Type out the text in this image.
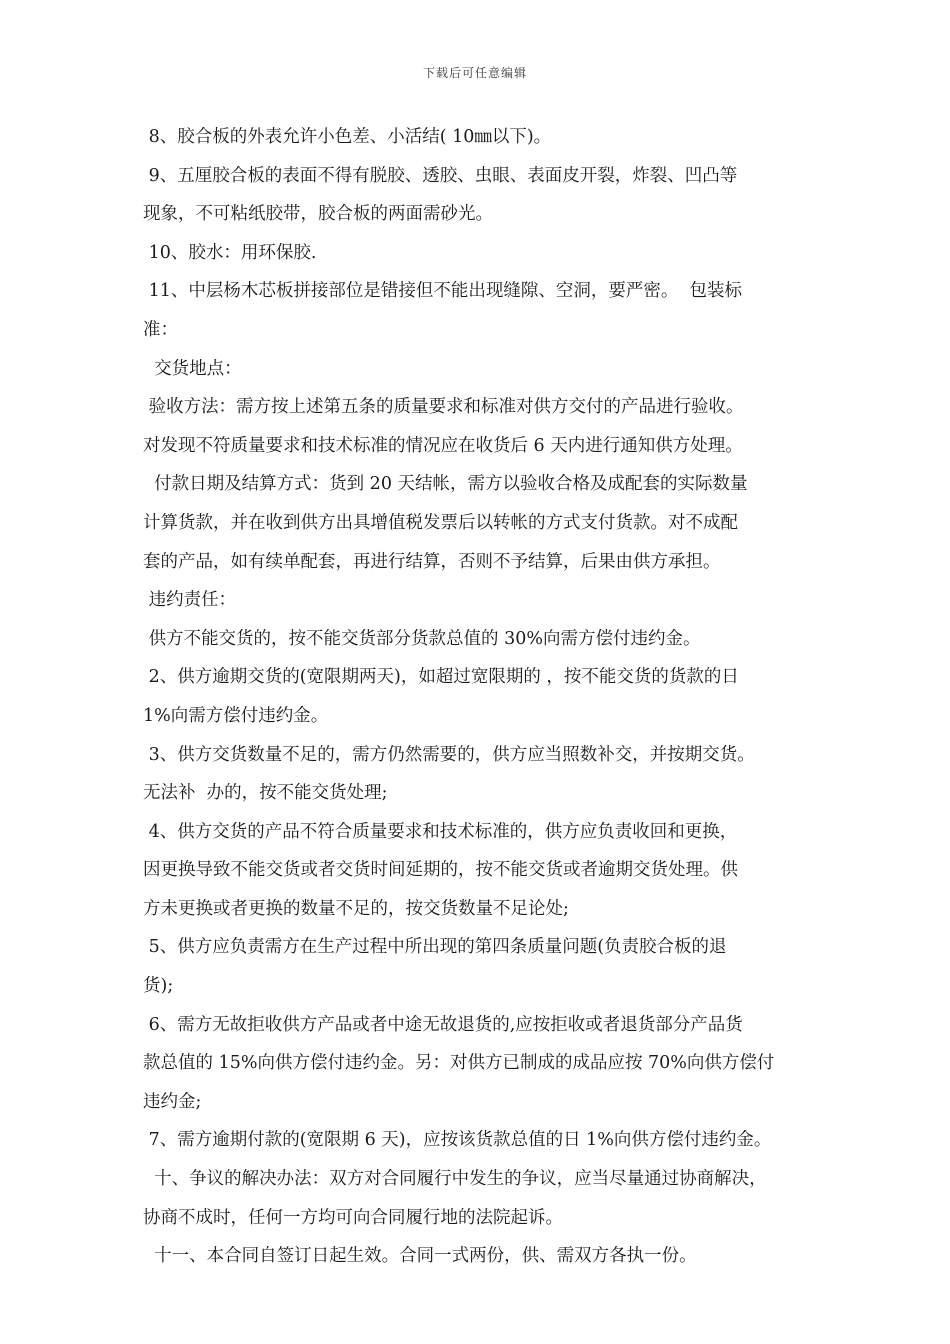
下载后可任意编辑
8、胶合板的外表允许小色差、小活结( 10㎜以下)。
9、五厘胶合板的表面不得有脱胶、透胶、虫眼、表面皮开裂，炸裂、凹凸等
现象，不可粘纸胶带，胶合板的两面需砂光。
10、胶水：用环保胶.
11、中层杨木芯板拼接部位是错接但不能出现缝隙、空洞，要严密。  包装标
准：
交货地点：
验收方法：需方按上述第五条的质量要求和标准对供方交付的产品进行验收。
对发现不符质量要求和技术标准的情况应在收货后 6 天内进行通知供方处理。
付款日期及结算方式：货到 20 天结帐，需方以验收合格及成配套的实际数量
计算货款，并在收到供方出具增值税发票后以转帐的方式支付货款。对不成配
套的产品，如有续单配套，再进行结算，否则不予结算，后果由供方承担。
违约责任：
供方不能交货的，按不能交货部分货款总值的 30%向需方偿付违约金。
2、供方逾期交货的(宽限期两天)，如超过宽限期的 ，按不能交货的货款的日
1%向需方偿付违约金。
3、供方交货数量不足的，需方仍然需要的，供方应当照数补交，并按期交货。
无法补  办的，按不能交货处理;
4、供方交货的产品不符合质量要求和技术标准的，供方应负责收回和更换，
因更换导致不能交货或者交货时间延期的，按不能交货或者逾期交货处理。供
方未更换或者更换的数量不足的，按交货数量不足论处;
5、供方应负责需方在生产过程中所出现的第四条质量问题(负责胶合板的退
货);
6、需方无故拒收供方产品或者中途无故退货的,应按拒收或者退货部分产品货
款总值的 15%向供方偿付违约金。另：对供方已制成的成品应按 70%向供方偿付
违约金;
7、需方逾期付款的(宽限期 6 天)，应按该货款总值的日 1%向供方偿付违约金。
十、争议的解决办法：双方对合同履行中发生的争议，应当尽量通过协商解决，
协商不成时，任何一方均可向合同履行地的法院起诉。
十一、本合同自签订日起生效。合同一式两份，供、需双方各执一份。
